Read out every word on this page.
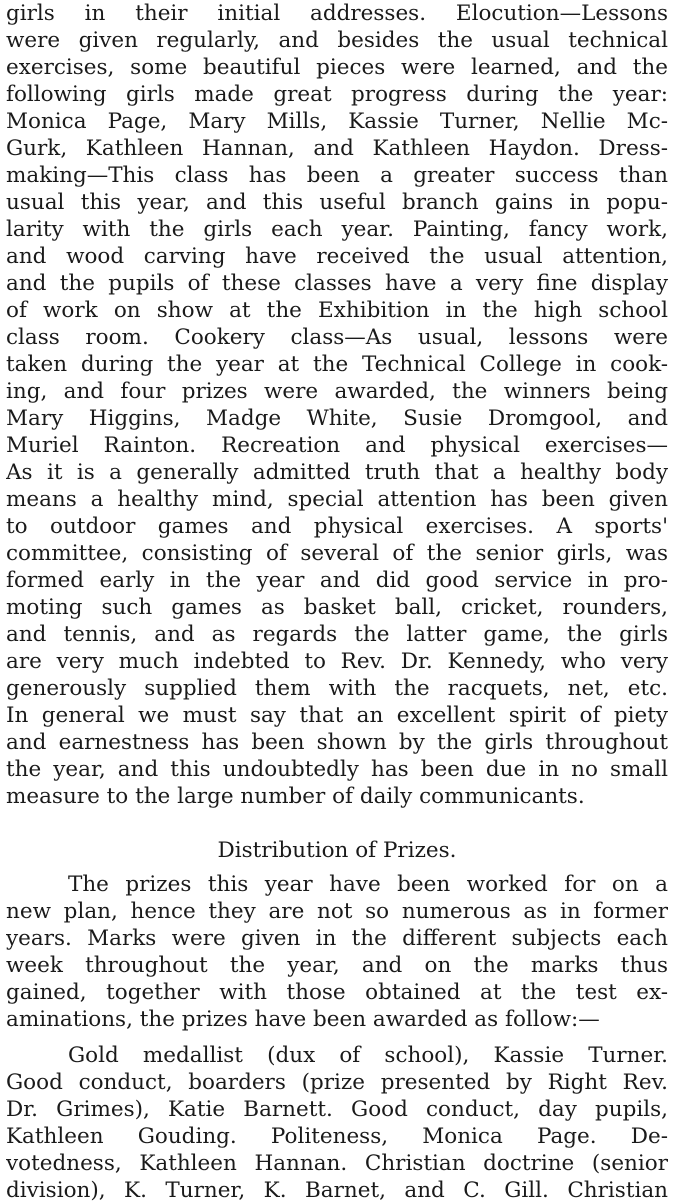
girls in their initial addresses. Elocution—Lessons
were given regularly, and besides the usual technical
exercises, some beautiful pieces were learned, and the
following girls made great progress during the year:
Monica Page, Mary Mills, Kassie Turner, Nellie Mc-
Gurk, Kathleen Hannan, and Kathleen Haydon. Dress-
making—This class has been a greater success than
usual this year, and this useful branch gains in popu-
larity with the girls each year. Painting, fancy work,
and wood carving have received the usual attention,
and the pupils of these classes have a very fine display
of work on show at the Exhibition in the high school
class room. Cookery class—As usual, lessons were
taken during the year at the Technical College in cook-
ing, and four prizes were awarded, the winners being
Mary Higgins, Madge White, Susie Dromgool, and
Muriel Rainton. Recreation and physical exercises—
As it is a generally admitted truth that a healthy body
means a healthy mind, special attention has been given
to outdoor games and physical exercises. A sports'
committee, consisting of several of the senior girls, was
formed early in the year and did good service in pro-
moting such games as basket ball, cricket, rounders,
and tennis, and as regards the latter game, the girls
are very much indebted to Rev. Dr. Kennedy, who very
generously supplied them with the racquets, net, etc.
In general we must say that an excellent spirit of piety
and earnestness has been shown by the girls throughout
the year, and this undoubtedly has been due in no small
measure to the large number of daily communicants.
Distribution of Prizes.
The prizes this year have been worked for on a
new plan, hence they are not so numerous as in former
years. Marks were given in the different subjects each
week throughout the year, and on the marks thus
gained, together with those obtained at the test ex-
aminations, the prizes have been awarded as follow:—
Gold medallist (dux of school), Kassie Turner.
Good conduct, boarders (prize presented by Right Rev.
Dr. Grimes), Katie Barnett. Good conduct, day pupils,
Kathleen Gouding. Politeness, Monica Page. De-
votedness, Kathleen Hannan. Christian doctrine (senior
division), K. Turner, K. Barnet, and C. Gill. Christian
